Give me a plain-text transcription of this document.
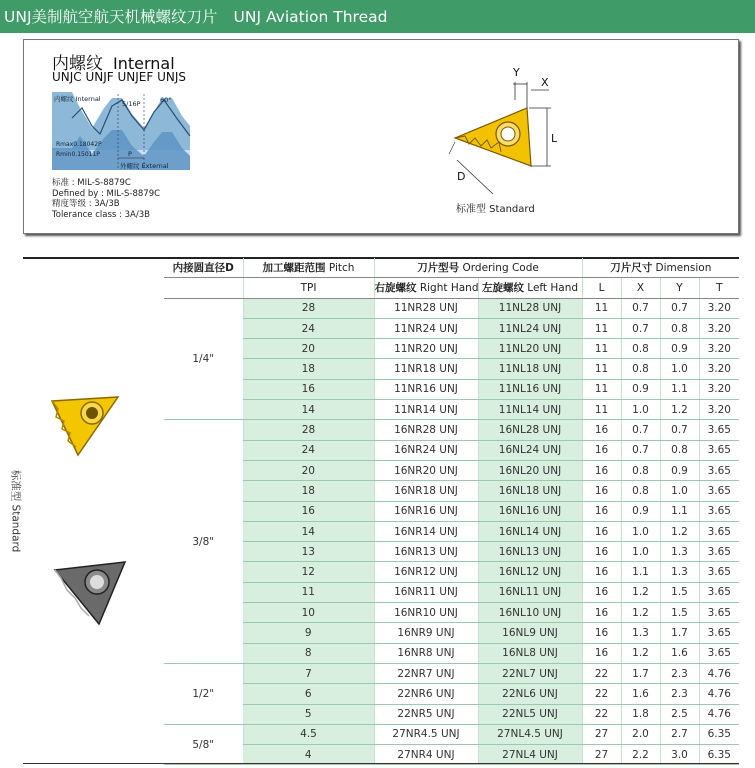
UNJ美制航空航天机械螺纹刀片 UNJ Aviation Thread
内螺纹 Internal
UNJC UNJF UNJEF UNJS
内螺纹 Internal
5/16P	60°
Rmax0.18042P
Rmin0.15011P	P
外螺纹 External
标准 : MIL-S-8879C
Defined by : MIL-S-8879C
精度等级 : 3A/3B
Tolerance class : 3A/3B
Y
X
L
D
标准型 Standard
标准型 Standard
内接圆直径D	加工螺距范围 Pitch	刀片型号 Ordering Code		刀片尺寸 Dimension			
	TPI	右旋螺纹 Right Hand	左旋螺纹 Left Hand	L	X	Y	T
1/4"	28	11NR28 UNJ	11NL28 UNJ	11	0.7	0.7	3.20
	24	11NR24 UNJ	11NL24 UNJ	11	0.7	0.8	3.20
	20	11NR20 UNJ	11NL20 UNJ	11	0.8	0.9	3.20
	18	11NR18 UNJ	11NL18 UNJ	11	0.8	1.0	3.20
	16	11NR16 UNJ	11NL16 UNJ	11	0.9	1.1	3.20
	14	11NR14 UNJ	11NL14 UNJ	11	1.0	1.2	3.20
3/8"	28	16NR28 UNJ	16NL28 UNJ	16	0.7	0.7	3.65
	24	16NR24 UNJ	16NL24 UNJ	16	0.7	0.8	3.65
	20	16NR20 UNJ	16NL20 UNJ	16	0.8	0.9	3.65
	18	16NR18 UNJ	16NL18 UNJ	16	0.8	1.0	3.65
	16	16NR16 UNJ	16NL16 UNJ	16	0.9	1.1	3.65
	14	16NR14 UNJ	16NL14 UNJ	16	1.0	1.2	3.65
	13	16NR13 UNJ	16NL13 UNJ	16	1.0	1.3	3.65
	12	16NR12 UNJ	16NL12 UNJ	16	1.1	1.3	3.65
	11	16NR11 UNJ	16NL11 UNJ	16	1.2	1.5	3.65
	10	16NR10 UNJ	16NL10 UNJ	16	1.2	1.5	3.65
	9	16NR9 UNJ	16NL9 UNJ	16	1.3	1.7	3.65
	8	16NR8 UNJ	16NL8 UNJ	16	1.2	1.6	3.65
1/2"	7	22NR7 UNJ	22NL7 UNJ	22	1.7	2.3	4.76
	6	22NR6 UNJ	22NL6 UNJ	22	1.6	2.3	4.76
	5	22NR5 UNJ	22NL5 UNJ	22	1.8	2.5	4.76
5/8"	4.5	27NR4.5 UNJ	27NL4.5 UNJ	27	2.0	2.7	6.35
	4	27NR4 UNJ	27NL4 UNJ	27	2.2	3.0	6.35
